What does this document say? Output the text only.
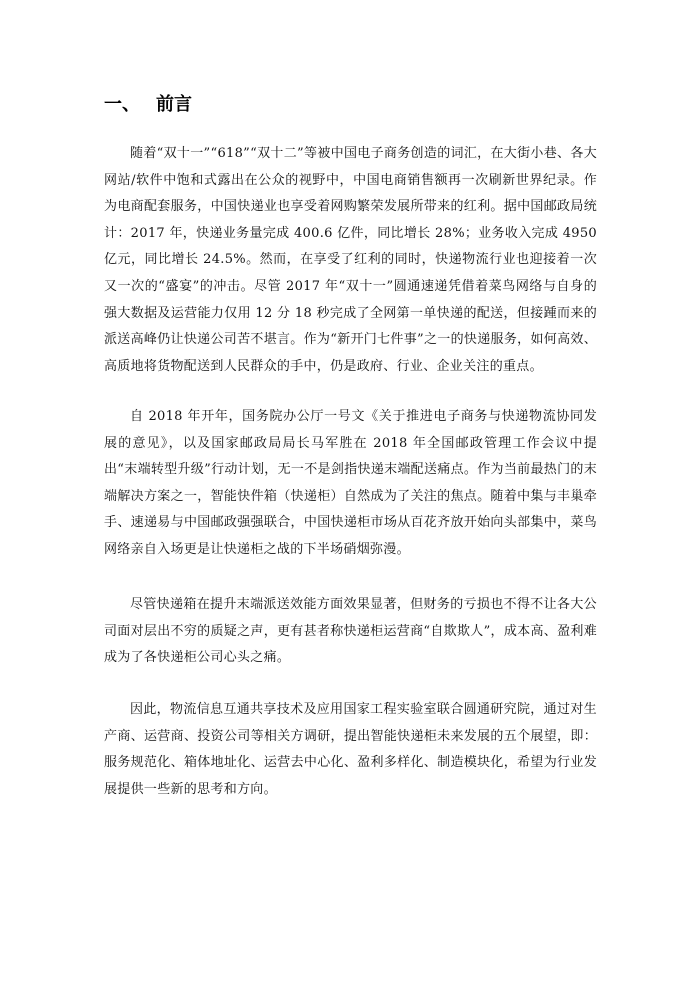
一、 前言

随着“双十一”“618”“双十二”等被中国电子商务创造的词汇，在大街小巷、各大网站/软件中饱和式露出在公众的视野中，中国电商销售额再一次刷新世界纪录。作为电商配套服务，中国快递业也享受着网购繁荣发展所带来的红利。据中国邮政局统计：2017 年，快递业务量完成 400.6 亿件，同比增长 28%；业务收入完成 4950 亿元，同比增长 24.5%。然而，在享受了红利的同时，快递物流行业也迎接着一次又一次的“盛宴”的冲击。尽管 2017 年“双十一”圆通速递凭借着菜鸟网络与自身的强大数据及运营能力仅用 12 分 18 秒完成了全网第一单快递的配送，但接踵而来的派送高峰仍让快递公司苦不堪言。作为“新开门七件事”之一的快递服务，如何高效、高质地将货物配送到人民群众的手中，仍是政府、行业、企业关注的重点。

自 2018 年开年，国务院办公厅一号文《关于推进电子商务与快递物流协同发展的意见》，以及国家邮政局局长马军胜在 2018 年全国邮政管理工作会议中提出“末端转型升级”行动计划，无一不是剑指快递末端配送痛点。作为当前最热门的末端解决方案之一，智能快件箱（快递柜）自然成为了关注的焦点。随着中集与丰巢牵手、速递易与中国邮政强强联合，中国快递柜市场从百花齐放开始向头部集中，菜鸟网络亲自入场更是让快递柜之战的下半场硝烟弥漫。

尽管快递箱在提升末端派送效能方面效果显著，但财务的亏损也不得不让各大公司面对层出不穷的质疑之声，更有甚者称快递柜运营商“自欺欺人”，成本高、盈利难成为了各快递柜公司心头之痛。

因此，物流信息互通共享技术及应用国家工程实验室联合圆通研究院，通过对生产商、运营商、投资公司等相关方调研，提出智能快递柜未来发展的五个展望，即：服务规范化、箱体地址化、运营去中心化、盈利多样化、制造模块化，希望为行业发展提供一些新的思考和方向。
